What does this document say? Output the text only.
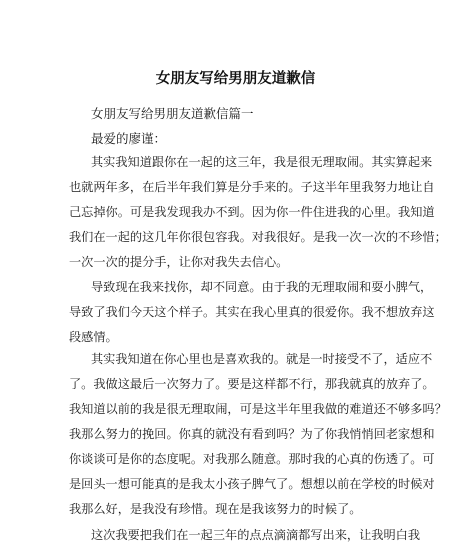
女朋友写给男朋友道歉信
女朋友写给男朋友道歉信篇一
最爱的廖谨：
其实我知道跟你在一起的这三年，我是很无理取闹。其实算起来
也就两年多，在后半年我们算是分手来的。子这半年里我努力地让自
己忘掉你。可是我发现我办不到。因为你一件住进我的心里。我知道
我们在一起的这几年你很包容我。对我很好。是我一次一次的不珍惜；
一次一次的提分手，让你对我失去信心。
导致现在我来找你，却不同意。由于我的无理取闹和耍小脾气，
导致了我们今天这个样子。其实在我心里真的很爱你。我不想放弃这
段感情。
其实我知道在你心里也是喜欢我的。就是一时接受不了，适应不
了。我做这最后一次努力了。要是这样都不行，那我就真的放弃了。
我知道以前的我是很无理取闹，可是这半年里我做的难道还不够多吗？
我那么努力的挽回。你真的就没有看到吗？为了你我悄悄回老家想和
你谈谈可是你的态度呢。对我那么随意。那时我的心真的伤透了。可
是回头一想可能真的是我太小孩子脾气了。想想以前在学校的时候对
我那么好，是我没有珍惜。现在是我该努力的时候了。
这次我要把我们在一起三年的点点滴滴都写出来，让我明白我
